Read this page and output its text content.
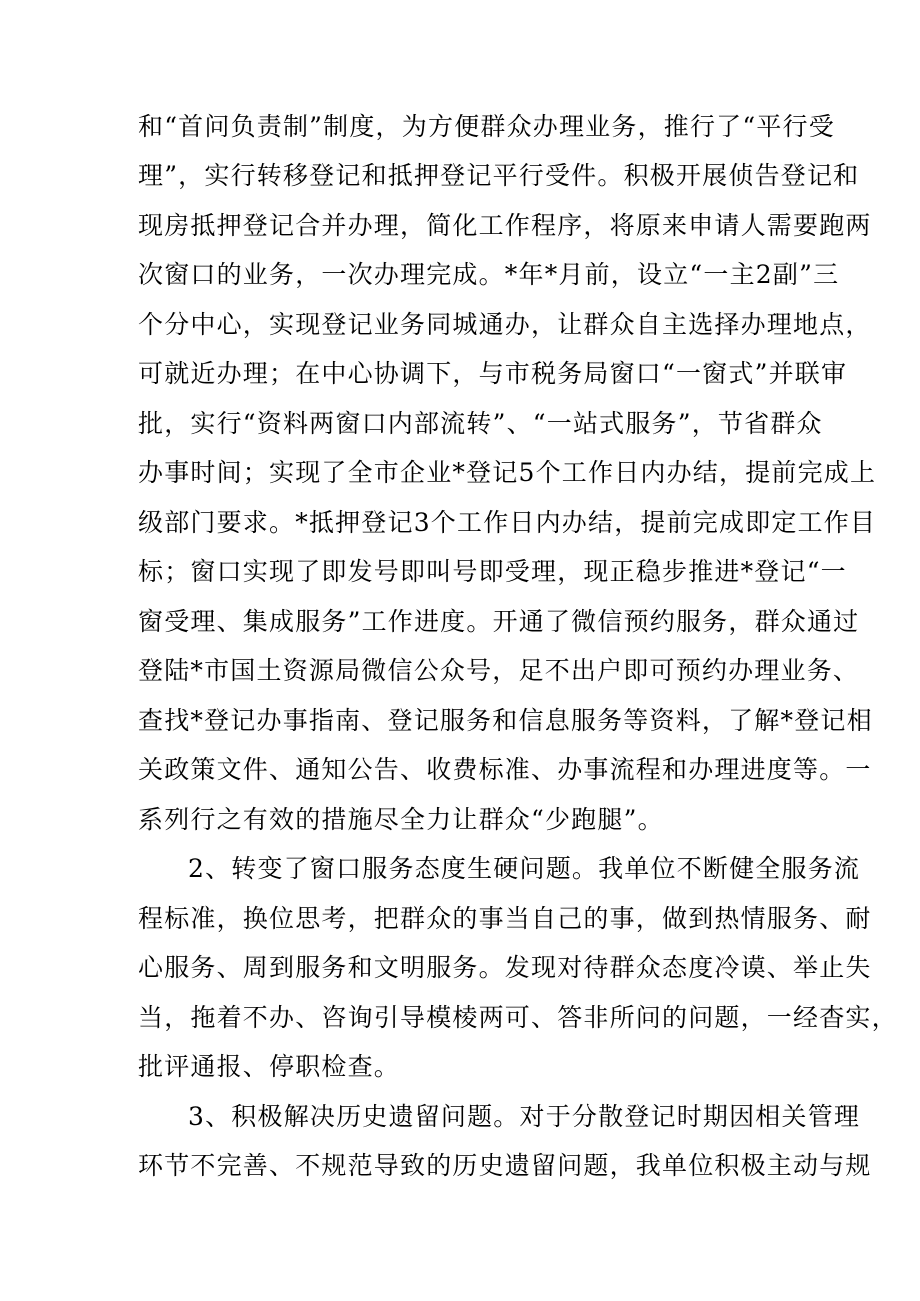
和“首问负责制”制度，为方便群众办理业务，推行了“平行受
理”，实行转移登记和抵押登记平行受件。积极开展侦告登记和
现房抵押登记合并办理，简化工作程序，将原来申请人需要跑两
次窗口的业务，一次办理完成。*年*月前，设立“一主2副”三
个分中心，实现登记业务同城通办，让群众自主选择办理地点，
可就近办理；在中心协调下，与市税务局窗口“一窗式”并联审
批，实行“资料两窗口内部流转”、“一站式服务”，节省群众
办事时间；实现了全市企业*登记5个工作日内办结，提前完成上
级部门要求。*抵押登记3个工作日内办结，提前完成即定工作目
标；窗口实现了即发号即叫号即受理，现正稳步推进*登记“一
窗受理、集成服务”工作进度。开通了微信预约服务，群众通过
登陆*市国土资源局微信公众号，足不出户即可预约办理业务、
查找*登记办事指南、登记服务和信息服务等资料，了解*登记相
关政策文件、通知公告、收费标准、办事流程和办理进度等。一
系列行之有效的措施尽全力让群众“少跑腿”。
2、转变了窗口服务态度生硬问题。我单位不断健全服务流
程标准，换位思考，把群众的事当自己的事，做到热情服务、耐
心服务、周到服务和文明服务。发现对待群众态度冷谟、举止失
当，拖着不办、咨询引导模棱两可、答非所问的问题，一经杳实，
批评通报、停职检查。
3、积极解决历史遗留问题。对于分散登记时期因相关管理
环节不完善、不规范导致的历史遗留问题，我单位积极主动与规
